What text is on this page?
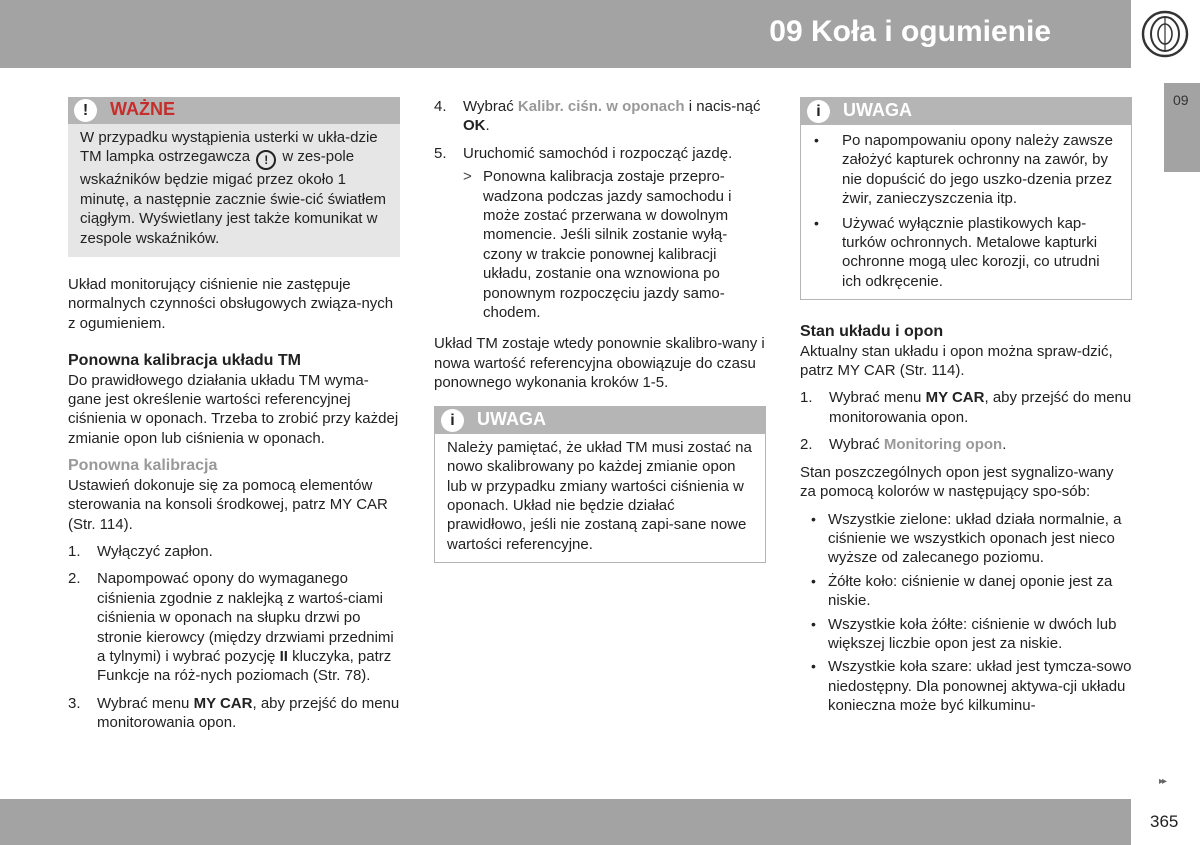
09 Koła i ogumienie
09
!	WAŻNE
W przypadku wystąpienia usterki w ukła-dzie TM lampka ostrzegawcza ! w zes-pole wskaźników będzie migać przez około 1 minutę, a następnie zacznie świe-cić światłem ciągłym. Wyświetlany jest także komunikat w zespole wskaźników.

Układ monitorujący ciśnienie nie zastępuje normalnych czynności obsługowych związa-nych z ogumieniem.

Ponowna kalibracja układu TM

Do prawidłowego działania układu TM wyma-gane jest określenie wartości referencyjnej ciśnienia w oponach. Trzeba to zrobić przy każdej zmianie opon lub ciśnienia w oponach.

Ponowna kalibracja

Ustawień dokonuje się za pomocą elementów sterowania na konsoli środkowej, patrz MY CAR (Str. 114).

1. Wyłączyć zapłon.
2. Napompować opony do wymaganego ciśnienia zgodnie z naklejką z wartoś-ciami ciśnienia w oponach na słupku drzwi po stronie kierowcy (między drzwiami przednimi a tylnymi) i wybrać pozycję II kluczyka, patrz Funkcje na róż-nych poziomach (Str. 78).
3. Wybrać menu MY CAR, aby przejść do menu monitorowania opon.
4. Wybrać Kalibr. ciśn. w oponach i nacis-nąć OK.
5. Uruchomić samochód i rozpocząć jazdę.
> Ponowna kalibracja zostaje przepro-wadzona podczas jazdy samochodu i może zostać przerwana w dowolnym momencie. Jeśli silnik zostanie wyłą-czony w trakcie ponownej kalibracji układu, zostanie ona wznowiona po ponownym rozpoczęciu jazdy samo-chodem.

Układ TM zostaje wtedy ponownie skalibro-wany i nowa wartość referencyjna obowiązuje do czasu ponownego wykonania kroków 1-5.

i	UWAGA
Należy pamiętać, że układ TM musi zostać na nowo skalibrowany po każdej zmianie opon lub w przypadku zmiany wartości ciśnienia w oponach. Układ nie będzie działać prawidłowo, jeśli nie zostaną zapi-sane nowe wartości referencyjne.
i	UWAGA
• Po napompowaniu opony należy zawsze założyć kapturek ochronny na zawór, by nie dopuścić do jego uszko-dzenia przez żwir, zanieczyszczenia itp.
• Używać wyłącznie plastikowych kap-turków ochronnych. Metalowe kapturki ochronne mogą ulec korozji, co utrudni ich odkręcenie.
Stan układu i opon

Aktualny stan układu i opon można spraw-dzić, patrz MY CAR (Str. 114).

1. Wybrać menu MY CAR, aby przejść do menu monitorowania opon.
2. Wybrać Monitoring opon.

Stan poszczególnych opon jest sygnalizo-wany za pomocą kolorów w następujący spo-sób:

• Wszystkie zielone: układ działa normalnie, a ciśnienie we wszystkich oponach jest nieco wyższe od zalecanego poziomu.
• Żółte koło: ciśnienie w danej oponie jest za niskie.
• Wszystkie koła żółte: ciśnienie w dwóch lub większej liczbie opon jest za niskie.
• Wszystkie koła szare: układ jest tymcza-sowo niedostępny. Dla ponownej aktywa-cji układu konieczna może być kilkuminu-
▸▸
365
